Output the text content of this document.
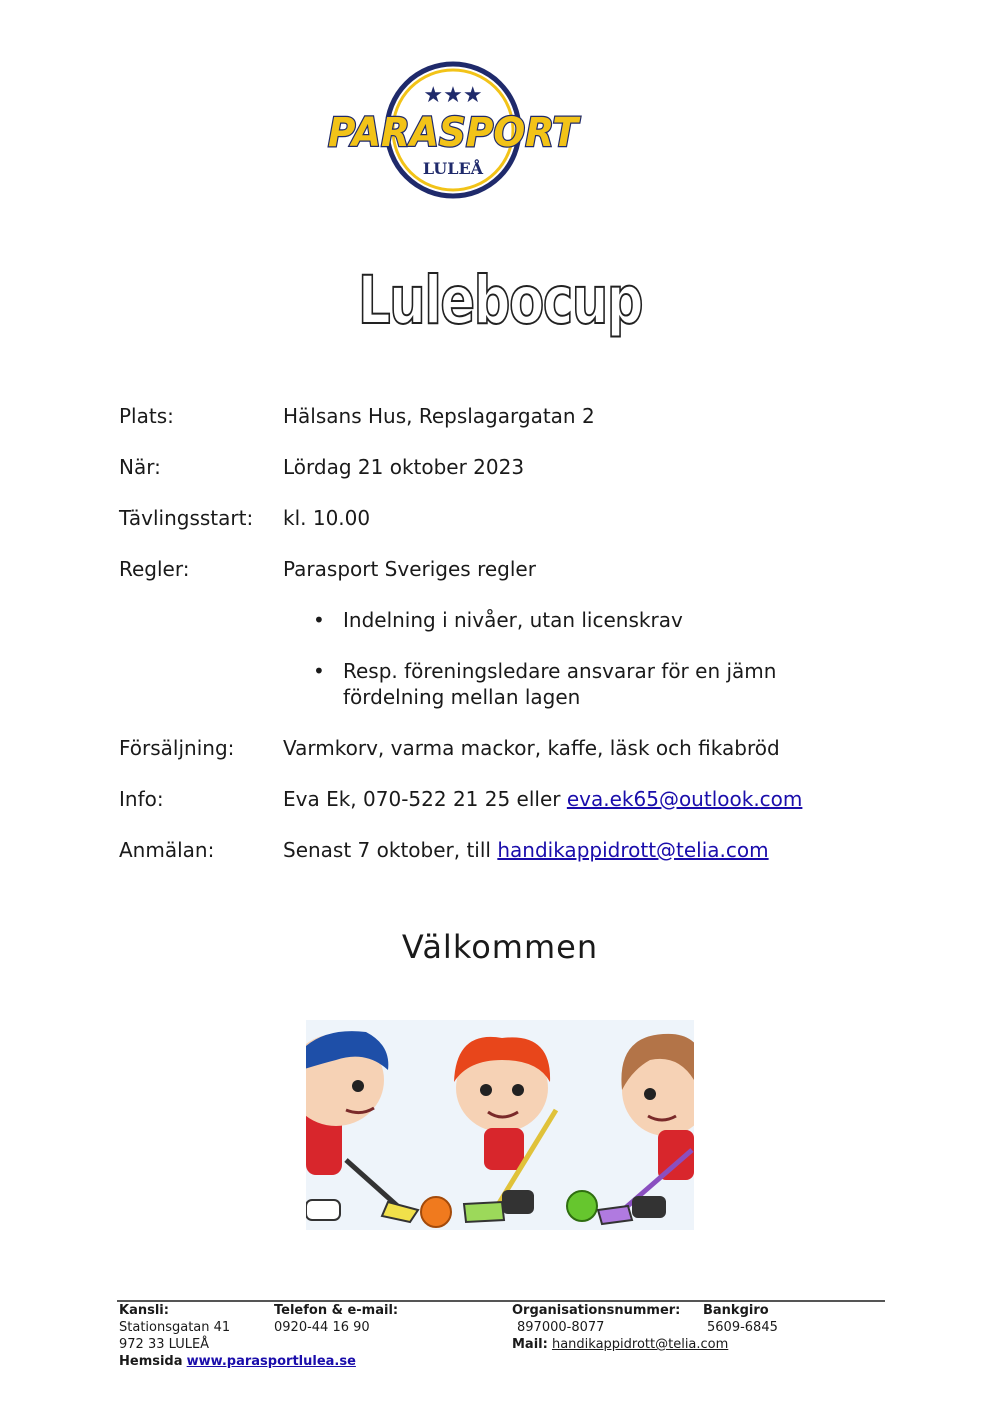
★★★
PARASPORT
LULEÅ
Lulebocup
Plats:	Hälsans Hus, Repslagargatan 2
När:	Lördag 21 oktober 2023
Tävlingsstart: kl. 10.00
Regler:	Parasport Sveriges regler
• Indelning i nivåer, utan licenskrav
• Resp. föreningsledare ansvarar för en jämn
fördelning mellan lagen
Försäljning: Varmkorv, varma mackor, kaffe, läsk och fikabröd
Info:	Eva Ek, 070-522 21 25 eller eva.ek65@outlook.com
Anmälan:	Senast 7 oktober, till handikappidrott@telia.com
Välkommen
Kansli:
Stationsgatan 41
972 33 LULEÅ
Hemsida www.parasportlulea.se
Telefon & e-mail:
0920-44 16 90
Organisationsnummer:
897000-8077
Mail: handikappidrott@telia.com
Bankgiro
5609-6845
